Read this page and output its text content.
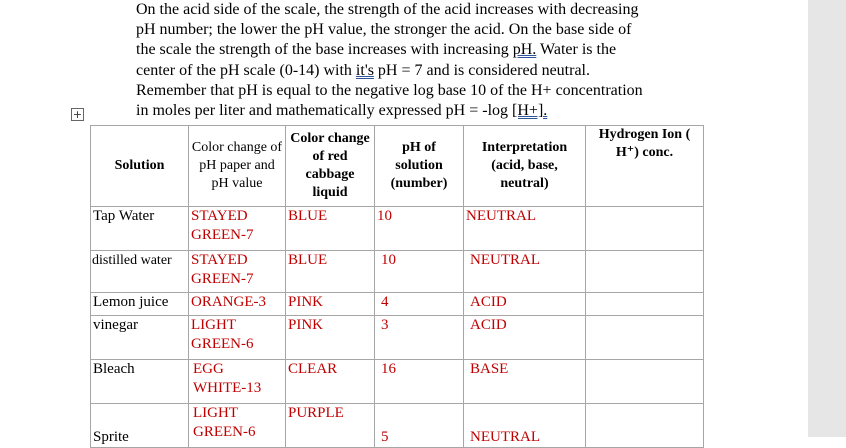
On the acid side of the scale, the strength of the acid increases with decreasing
pH number; the lower the pH value, the stronger the acid. On the base side of
the scale the strength of the base increases with increasing pH. Water is the
center of the pH scale (0-14) with it's pH = 7 and is considered neutral.
Remember that pH is equal to the negative log base 10 of the H+ concentration
in moles per liter and mathematically expressed pH = -log [H+].
+
Solution	Color change of pH paper and pH value	Color change of red cabbage liquid	pH of solution (number)	Interpretation (acid, base, neutral)	Hydrogen Ion ( H⁺) conc.
Tap Water	STAYED
GREEN-7	BLUE	10	NEUTRAL	
distilled water	STAYED
GREEN-7	BLUE	10	NEUTRAL	
Lemon juice	ORANGE-3	PINK	4	ACID	
vinegar	LIGHT
GREEN-6	PINK	3	ACID	
Bleach	EGG
WHITE-13	CLEAR	16	BASE	
Sprite	LIGHT
GREEN-6	PURPLE	5	NEUTRAL	
